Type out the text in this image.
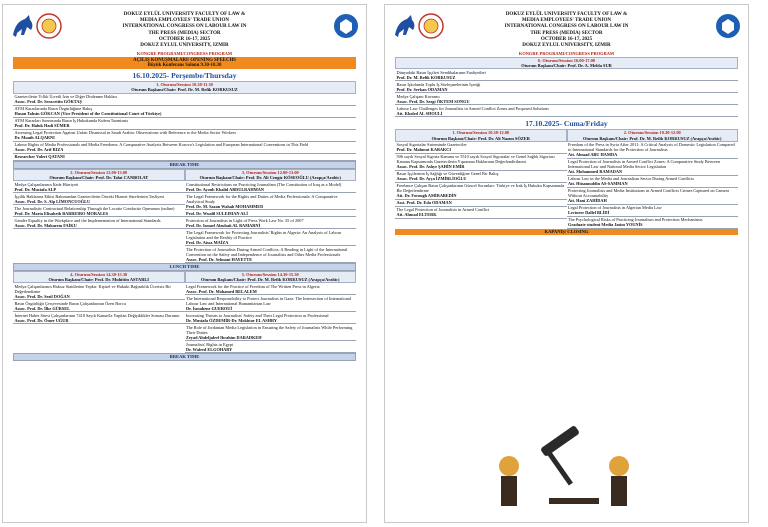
DOKUZ EYLÜL UNIVERSITY FACULTY OF LAW &
MEDIA EMPLOYEES' TRADE UNION
INTERNATIONAL CONGRESS ON LABOUR LAW IN
THE PRESS (MEDIA) SECTOR
OCTOBER 16-17, 2025
DOKUZ EYLUL UNIVERSITY, IZMIR
KONGRE PROGRAMI/CONGRESS PROGRAM
AÇILIŞ KONUŞMALARI/ OPENING SPEECHS
Büyük Konferans Salonu 9.30-10.30
16.10.2025- Perşembe/Thursday
1. Oturum/Session 10.30-11.30
Oturum Başkanı/Chair: Prof. Dr. M. Refik KORKUSUZ
Gazetecilerin Yıllık Ücretli İzin ve Diğer Dinlenme Hakları
Assoc. Prof. Dr. Seracettin GÖKTAŞ
AYM Kararlarında Basın Özgürlüğüne Bakış
Hasan Tahsin GÖKCAN (Vice President of the Constitutional Court of Türkiye)
AYM Kararları Sonrasında Basın İş Hukukunda Kıdem Tazminatı
Prof. Dr. Haluk Hadi SÜMER
Assessing Legal Protection Against Unfair Dismissal in Saudi Arabia: Observations with Reference to the Media Sector Workers
Dr. Muath ALQARNI
Labour Rights of Media Professionals and Media Freedoms: A Comparative Analysis Between Kosovo's Legislation and European International Conventions in This Field
Assoc. Prof. Dr. Arif RIZA
Researcher Valeri QATANI
BREAK TIME
2. Oturum/Session 12.00-13.00
Oturum Başkanı/Chair: Prof. Dr. Talat CANBOLAT
Medya Çalışanlarının İfade Hürriyeti
Prof. Dr. Mustafa ALP
İşçilik Haklarına Etkisi Bakımından Gazetecilerin Önceki Hizmet Sürelerinin Tasfiyesi
Assoc. Prof. Dr. S. Alp LİMONCUOĞLU
The Journalistic Contractual Relationship Through the Locatio Conductio Operarum (online)
Prof. Dr. Maria Elisabeth BARREIRO MORALES
Gender Equality in the Workplace and the Implementation of International Standards
Assoc. Prof. Dr. Maharem FAİKU
3. Oturum/Session 12.00-13.00
Oturum Başkanı/Chair: Prof. Dr. Ali Cengiz KÖSEOĞLU (Arapça/Arabic)
Constitutional Restrictions on Practicing Journalism (The Constitution of Iraq as a Model)
Prof. Dr. Ayoub Khalid ABDULRAHMAN
The Legal Framework for the Rights and Duties of Media Professionals: A Comparative Analytical Study
Prof. Dr. M. Sazan Wahab MOHAMMED
Prof. Dr. Wualil SULEIMAN ALİ
Protection of Journalists in Light of Press Work Law No. 35 of 2007
Prof. Dr. Ismael Alzubaii AL BAMARNİ
The Legal Framework for Protecting Journalists' Rights in Algeria: An Analysis of Labour Legislation and the Reality of Practice
Prof. Dr. Aissa MAİZA
The Protection of Journalists During Armed Conflicts: A Reading in Light of the International Convention on the Safety and Independence of Journalists and Other Media Professionals
Assoc. Prof. Dr. Selmani HAYETTE
LUNCH TIME
4. Oturum/Session 14.30-15.30
Oturum Başkanı/Chair: Prof. Dr. Muhittin ASTARLI
Medya Çalışanlarının Haksız Statülerine Tepkiı: Kişisel ve Hukuki Bağımlılık Ücretsiz Bir Değerlendirme
Assoc. Prof. Dr. Sezil DOĞAN
Basın Özgürlüğü Çerçevesinde Basın Çalışanlarının Özen Borcu
Assoc. Prof. Dr. İlke GÜRSEL
İnternet Haber Sitesi Çalışanlarının 7418 Sayılı Kanun'la Yapılan Değişiklikler Sonrası Durumu
Assoc. Prof. Dr. Ömer UĞUR
5. Oturum/Session 14.30-15.30
Oturum Başkanı/Chair: Prof. Dr. M. Refik KORKUSUZ (Arapça/Arabic)
Legal Framework for the Practice of Freedom of The Written Press in Algeria
Assoc. Prof. Dr. Mohamed BELALEM
The International Responsibility to Protect Journalists in Gaza: The Intersection of International Labour Law and International Humanitarian Law
Dr. İsmahene GUEROUİ
Increasing Threats to Journalists' Safety and Their Legal Protection as Professional
Dr. Mustafa ÖZDEMİR-Dr. Mokhtar EL ASHRY
The Role of Jordanian Media Legislation in Ensuring the Safety of Journalists While Performing Their Duties
Zeyad Abdeljaleel Ibrahim DARADKEH
Journalists' Rights in Egypt
Dr. Waleed ELGOHARY
BREAK TIME
DOKUZ EYLÜL UNIVERSITY FACULTY OF LAW &
MEDIA EMPLOYEES' TRADE UNION
INTERNATIONAL CONGRESS ON LABOUR LAW IN
THE PRESS (MEDIA) SECTOR
OCTOBER 16-17, 2025
DOKUZ EYLUL UNIVERSITY, IZMIR
KONGRE PROGRAMI/CONGRESS PROGRAM
6. Oturum/Session 16.00-17.00
Oturum Başkanı/Chair: Prof. Dr. A. Melda SUR
Dünyadaki Basın İşçileri Sendikalarının Faaliyetleri
Prof. Dr. M. Refik KORKUSUZ
Basın İşkolunda Toplu İş Sözleşmelerinin İçeriği
Prof. Dr. Serkan ODAMAN
Medya Çalışanı Kavramı
Assoc. Prof. Dr. Sezgi ÖKTEM SONGU
Labour Law Challenges for Journalists in Armed Conflict Zones and Proposed Solutions
Att. Khaled AL SHOULİ
17.10.2025- Cuma/Friday
1. Oturum/Session 10.30-12.00
Oturum Başkanı/Chair: Prof. Dr. Ali Nazım SÖZER
Sosyal Sigortalar Sisteminde Gazeteciler
Prof. Dr. Mahmut KABAKCI
506 sayılı Sosyal Sigorta Kanunu ve 5510 sayılı Sosyal Sigortalar ve Genel Sağlık Sigortası Kanunu Kapsamında Gazetecilerin Yıpranma Haklarının Değerlendirilmesi
Assoc. Prof. Dr. Aslıye ŞAHİN EMİR
Basın İşçilerinin İş Sağlığı ve Güvenliğine Genel Bir Bakış
Assoc. Prof. Dr. Ayça İZMİRLİOĞLU
Freelance Çalışan Basın Çalışanlarının Güncel Sorunları: Türkiye ve İrak İş Hukuku Kapsamında Bir Değerlendirme
Att. Dr. Forough AMİRABEDİN
Asst. Prof. Dr. Eda ODAMAN
The Legal Protection of Journalists in Armed Conflict
Att. Ahmad ELTERK
2. Oturum/Session 10.30-12.00
Oturum Başkanı/Chair: Prof. Dr. M. Refik KORKUSUZ (Arapça/Arabic)
Freedom of the Press in Syria After 2011: A Critical Analysis of Domestic Legislation Compared to International Standards for the Protection of Journalists
Att. Ahmad ABU HAMDA
Legal Protection of Journalists in Armed Conflict Zones: A Comparative Study Between International Law and National Media Sector Legislation
Att. Mohammed RAMADAN
Labour Law in the Media and Journalism Sector During Armed Conflicts
Att. Hüsamuddin AS-SAMMAN
Protecting Journalists and Media Institutions in Armed Conflicts Crimes Captured on Camera Without Accountability
Att. Hani ZAHİDAH
Legal Protection of Journalists in Algerian Media Law
Lecturer Dallel BLİDİ
The Psychological Risks of Practicing Journalism and Protection Mechanisms
Graduate student Media Jasim YOUNİS
KAPANIŞ/ CLOSING
